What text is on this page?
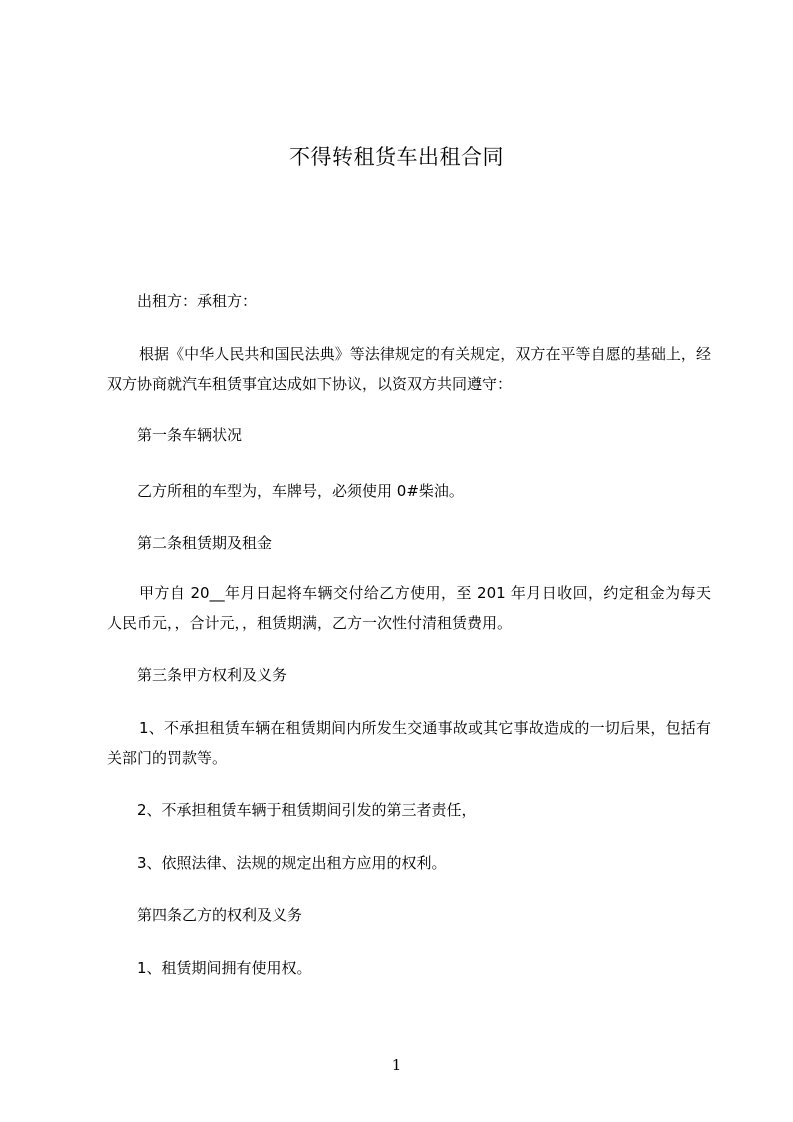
不得转租货车出租合同

出租方：承租方：

根据《中华人民共和国民法典》等法律规定的有关规定，双方在平等自愿的基础上，经双方协商就汽车租赁事宜达成如下协议，以资双方共同遵守：

第一条车辆状况

乙方所租的车型为，车牌号，必须使用 0#柴油。

第二条租赁期及租金

甲方自 20__年月日起将车辆交付给乙方使用，至 201 年月日收回，约定租金为每天人民币元，，合计元，，租赁期满，乙方一次性付清租赁费用。

第三条甲方权利及义务

1、不承担租赁车辆在租赁期间内所发生交通事故或其它事故造成的一切后果，包括有关部门的罚款等。

2、不承担租赁车辆于租赁期间引发的第三者责任，

3、依照法律、法规的规定出租方应用的权利。

第四条乙方的权利及义务

1、租赁期间拥有使用权。

1
